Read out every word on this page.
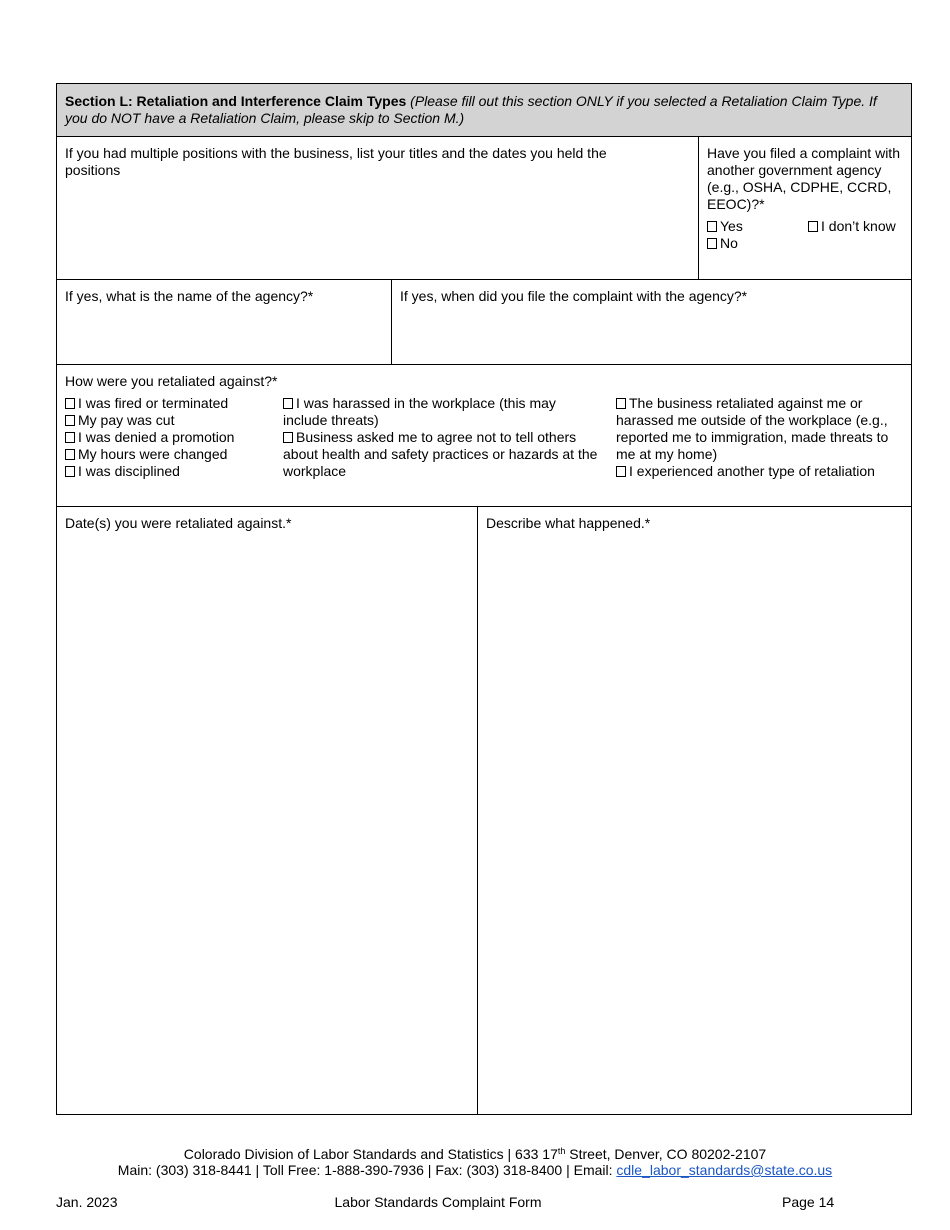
Section L: Retaliation and Interference Claim Types (Please fill out this section ONLY if you selected a Retaliation Claim Type. If you do NOT have a Retaliation Claim, please skip to Section M.)
If you had multiple positions with the business, list your titles and the dates you held the positions
Have you filed a complaint with another government agency (e.g., OSHA, CDPHE, CCRD, EEOC)?*
Yes	I don’t know
No
If yes, what is the name of the agency?*	If yes, when did you file the complaint with the agency?*
How were you retaliated against?*
I was fired or terminated
My pay was cut
I was denied a promotion
My hours were changed
I was disciplined
I was harassed in the workplace (this may include threats)
Business asked me to agree not to tell others about health and safety practices or hazards at the workplace
The business retaliated against me or harassed me outside of the workplace (e.g., reported me to immigration, made threats to me at my home)
I experienced another type of retaliation
Date(s) you were retaliated against.*	Describe what happened.*
Colorado Division of Labor Standards and Statistics | 633 17th Street, Denver, CO 80202-2107
Main: (303) 318-8441 | Toll Free: 1-888-390-7936 | Fax: (303) 318-8400 | Email: cdle_labor_standards@state.co.us
Jan. 2023	Labor Standards Complaint Form	Page 14
